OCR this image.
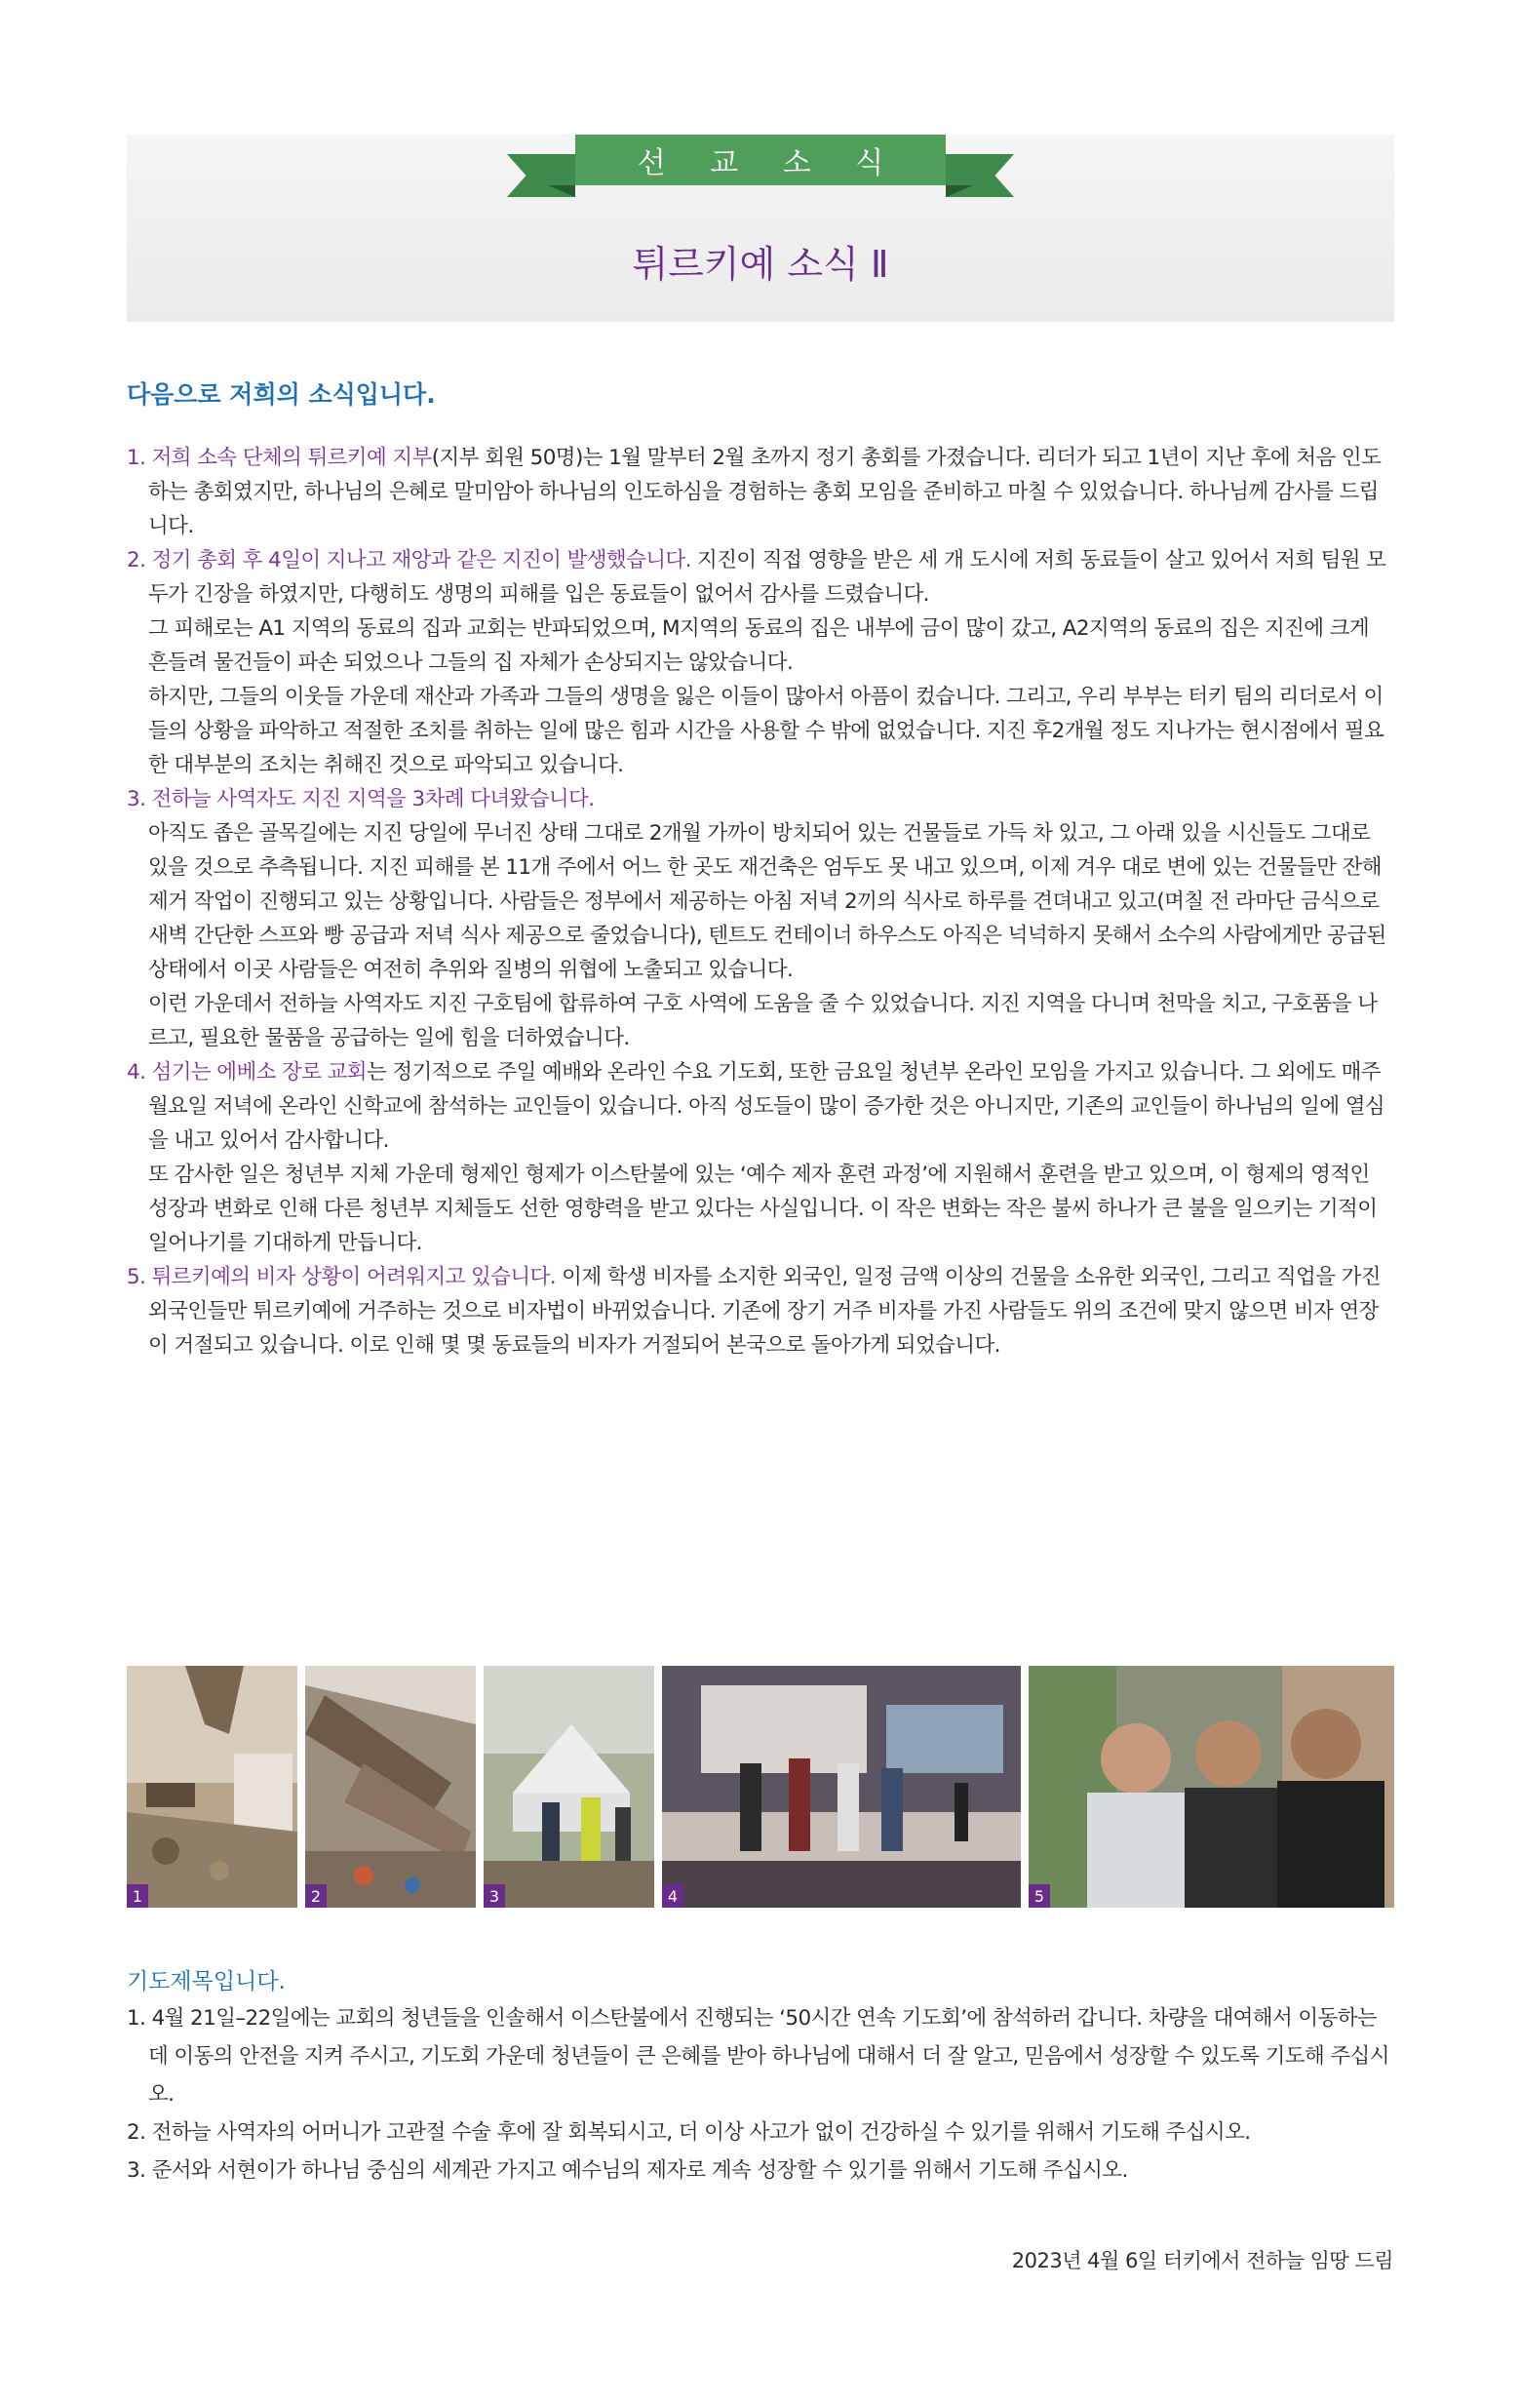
선 교 소 식
튀르키예 소식 Ⅱ
다음으로 저희의 소식입니다.
1. 저희 소속 단체의 튀르키예 지부(지부 회원 50명)는 1월 말부터 2월 초까지 정기 총회를 가졌습니다. 리더가 되고 1년이 지난 후에 처음 인도하는 총회였지만, 하나님의 은혜로 말미암아 하나님의 인도하심을 경험하는 총회 모임을 준비하고 마칠 수 있었습니다. 하나님께 감사를 드립니다.
2. 정기 총회 후 4일이 지나고 재앙과 같은 지진이 발생했습니다. 지진이 직접 영향을 받은 세 개 도시에 저희 동료들이 살고 있어서 저희 팀원 모두가 긴장을 하였지만, 다행히도 생명의 피해를 입은 동료들이 없어서 감사를 드렸습니다.
그 피해로는 A1 지역의 동료의 집과 교회는 반파되었으며, M지역의 동료의 집은 내부에 금이 많이 갔고, A2지역의 동료의 집은 지진에 크게 흔들려 물건들이 파손 되었으나 그들의 집 자체가 손상되지는 않았습니다.
하지만, 그들의 이웃들 가운데 재산과 가족과 그들의 생명을 잃은 이들이 많아서 아픔이 컸습니다. 그리고, 우리 부부는 터키 팀의 리더로서 이들의 상황을 파악하고 적절한 조치를 취하는 일에 많은 힘과 시간을 사용할 수 밖에 없었습니다. 지진 후2개월 정도 지나가는 현시점에서 필요한 대부분의 조치는 취해진 것으로 파악되고 있습니다.
3. 전하늘 사역자도 지진 지역을 3차례 다녀왔습니다.
아직도 좁은 골목길에는 지진 당일에 무너진 상태 그대로 2개월 가까이 방치되어 있는 건물들로 가득 차 있고, 그 아래 있을 시신들도 그대로 있을 것으로 추측됩니다. 지진 피해를 본 11개 주에서 어느 한 곳도 재건축은 엄두도 못 내고 있으며, 이제 겨우 대로 변에 있는 건물들만 잔해 제거 작업이 진행되고 있는 상황입니다. 사람들은 정부에서 제공하는 아침 저녁 2끼의 식사로 하루를 견뎌내고 있고(며칠 전 라마단 금식으로 새벽 간단한 스프와 빵 공급과 저녁 식사 제공으로 줄었습니다), 텐트도 컨테이너 하우스도 아직은 넉넉하지 못해서 소수의 사람에게만 공급된 상태에서 이곳 사람들은 여전히 추위와 질병의 위협에 노출되고 있습니다.
이런 가운데서 전하늘 사역자도 지진 구호팀에 합류하여 구호 사역에 도움을 줄 수 있었습니다. 지진 지역을 다니며 천막을 치고, 구호품을 나르고, 필요한 물품을 공급하는 일에 힘을 더하였습니다.
4. 섬기는 에베소 장로 교회는 정기적으로 주일 예배와 온라인 수요 기도회, 또한 금요일 청년부 온라인 모임을 가지고 있습니다. 그 외에도 매주 월요일 저녁에 온라인 신학교에 참석하는 교인들이 있습니다. 아직 성도들이 많이 증가한 것은 아니지만, 기존의 교인들이 하나님의 일에 열심을 내고 있어서 감사합니다.
또 감사한 일은 청년부 지체 가운데 형제인 형제가 이스탄불에 있는 ‘예수 제자 훈련 과정’에 지원해서 훈련을 받고 있으며, 이 형제의 영적인 성장과 변화로 인해 다른 청년부 지체들도 선한 영향력을 받고 있다는 사실입니다. 이 작은 변화는 작은 불씨 하나가 큰 불을 일으키는 기적이 일어나기를 기대하게 만듭니다.
5. 튀르키예의 비자 상황이 어려워지고 있습니다. 이제 학생 비자를 소지한 외국인, 일정 금액 이상의 건물을 소유한 외국인, 그리고 직업을 가진 외국인들만 튀르키예에 거주하는 것으로 비자법이 바뀌었습니다. 기존에 장기 거주 비자를 가진 사람들도 위의 조건에 맞지 않으면 비자 연장이 거절되고 있습니다. 이로 인해 몇 몇 동료들의 비자가 거절되어 본국으로 돌아가게 되었습니다.
1	2	3	4	5
기도제목입니다.
1. 4월 21일–22일에는 교회의 청년들을 인솔해서 이스탄불에서 진행되는 ‘50시간 연속 기도회’에 참석하러 갑니다. 차량을 대여해서 이동하는데 이동의 안전을 지켜 주시고, 기도회 가운데 청년들이 큰 은혜를 받아 하나님에 대해서 더 잘 알고, 믿음에서 성장할 수 있도록 기도해 주십시오.
2. 전하늘 사역자의 어머니가 고관절 수술 후에 잘 회복되시고, 더 이상 사고가 없이 건강하실 수 있기를 위해서 기도해 주십시오.
3. 준서와 서현이가 하나님 중심의 세계관 가지고 예수님의 제자로 계속 성장할 수 있기를 위해서 기도해 주십시오.
2023년 4월 6일 터키에서 전하늘 임땅 드림
